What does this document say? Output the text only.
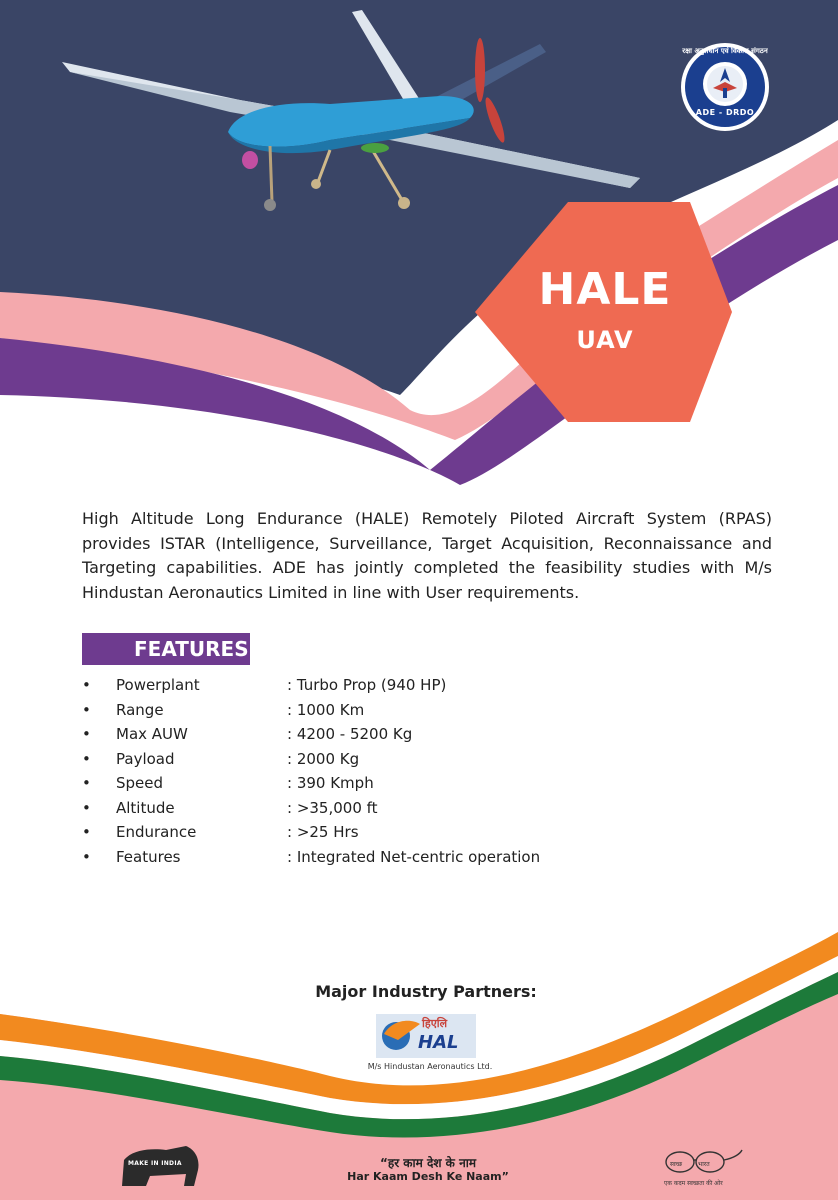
रक्षा अनुसंधान एवं विकास संगठन
ADE - DRDO
HALE
UAV

High Altitude Long Endurance (HALE) Remotely Piloted Aircraft System (RPAS) provides ISTAR (Intelligence, Surveillance, Target Acquisition, Reconnaissance and Targeting capabilities. ADE has jointly completed the feasibility studies with M/s Hindustan Aeronautics Limited in line with User requirements.

FEATURES
• Powerplant	: Turbo Prop (940 HP)
• Range	: 1000 Km
• Max AUW	: 4200 - 5200 Kg
• Payload	: 2000 Kg
• Speed	: 390 Kmph
• Altitude	: >35,000 ft
• Endurance	: >25 Hrs
• Features	: Integrated Net-centric operation
Major Industry Partners:
हिएलि
HAL
M/s Hindustan Aeronautics Ltd.
MAKE IN INDIA	“हर काम देश के नाम
Har Kaam Desh Ke Naam”
स्वच्छ	भारत
एक कदम स्वच्छता की ओर
